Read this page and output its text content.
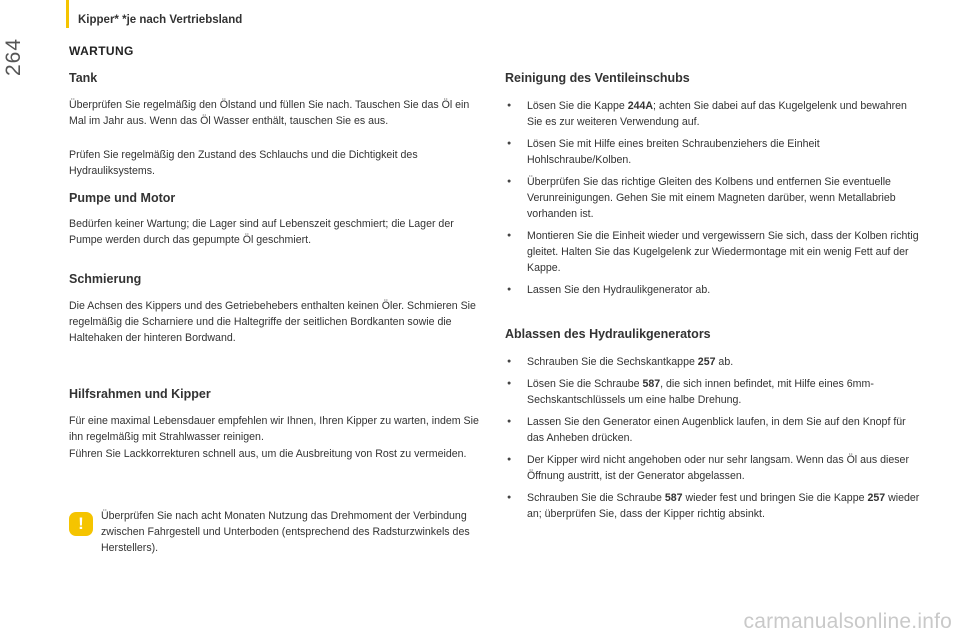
Kipper* *je nach Vertriebsland
264	WARTUNG
Tank

Überprüfen Sie regelmäßig den Ölstand und füllen Sie nach. Tauschen Sie das Öl ein Mal im Jahr aus. Wenn das Öl Wasser enthält, tauschen Sie es aus.

Prüfen Sie regelmäßig den Zustand des Schlauchs und die Dichtigkeit des Hydrauliksystems.

Pumpe und Motor

Bedürfen keiner Wartung; die Lager sind auf Lebenszeit geschmiert; die Lager der Pumpe werden durch das gepumpte Öl geschmiert.

Schmierung

Die Achsen des Kippers und des Getriebehebers enthalten keinen Öler. Schmieren Sie regelmäßig die Scharniere und die Haltegriffe der seitlichen Bordkanten sowie die Haltehaken der hinteren Bordwand.

Hilfsrahmen und Kipper

Für eine maximal Lebensdauer empfehlen wir Ihnen, Ihren Kipper zu warten, indem Sie ihn regelmäßig mit Strahlwasser reinigen.

Führen Sie Lackkorrekturen schnell aus, um die Ausbreitung von Rost zu vermeiden.

!	Überprüfen Sie nach acht Monaten Nutzung das Drehmoment der Verbindung zwischen Fahrgestell und Unterboden (entsprechend des Radsturzwinkels des Herstellers).

Reinigung des Ventileinschubs
● Lösen Sie die Kappe 244A; achten Sie dabei auf das Kugelgelenk und bewahren Sie es zur weiteren Verwendung auf.
● Lösen Sie mit Hilfe eines breiten Schraubenziehers die Einheit Hohlschraube/Kolben.
● Überprüfen Sie das richtige Gleiten des Kolbens und entfernen Sie eventuelle Verunreinigungen. Gehen Sie mit einem Magneten darüber, wenn Metallabrieb vorhanden ist.
● Montieren Sie die Einheit wieder und vergewissern Sie sich, dass der Kolben richtig gleitet. Halten Sie das Kugelgelenk zur Wiedermontage mit ein wenig Fett auf der Kappe.
● Lassen Sie den Hydraulikgenerator ab.
Ablassen des Hydraulikgenerators
● Schrauben Sie die Sechskantkappe 257 ab.
● Lösen Sie die Schraube 587, die sich innen befindet, mit Hilfe eines 6mm-Sechskantschlüssels um eine halbe Drehung.
● Lassen Sie den Generator einen Augenblick laufen, in dem Sie auf den Knopf für das Anheben drücken.
● Der Kipper wird nicht angehoben oder nur sehr langsam. Wenn das Öl aus dieser Öffnung austritt, ist der Generator abgelassen.
● Schrauben Sie die Schraube 587 wieder fest und bringen Sie die Kappe 257 wieder an; überprüfen Sie, dass der Kipper richtig absinkt.
carmanualsonline.info
